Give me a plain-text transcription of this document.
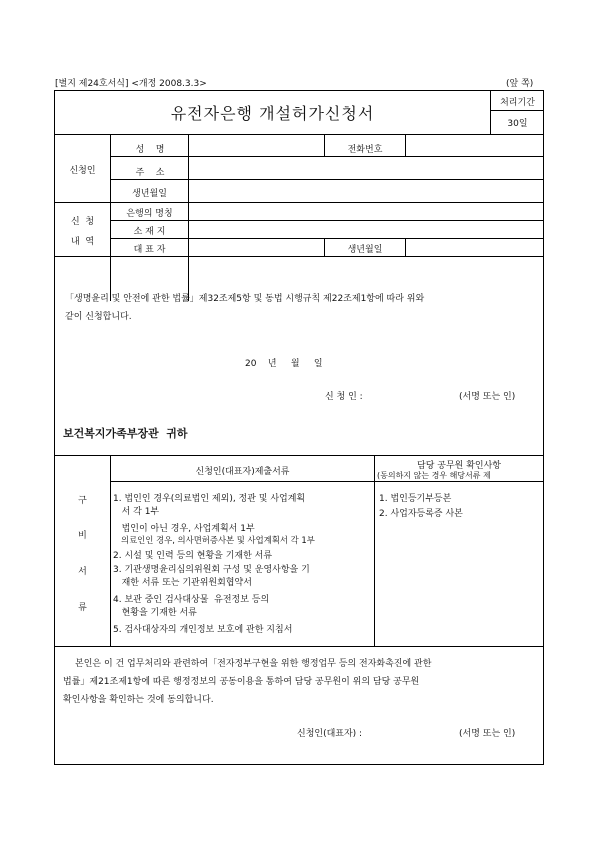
[별지 제24호서식] <개정 2008.3.3>	(앞 쪽)
유전자은행 개설허가신청서
처리기간
30일
신청인
성    명	전화번호
주    소
생년월일
신  청
내  역
은행의 명칭
소 재 지
대 표 자	생년월일
「생명윤리 및 안전에 관한 법률」제32조제5항 및 동법 시행규칙 제22조제1항에 따라 위와
같이 신청합니다.
20    년     월     일
신 청 인 :	(서명 또는 인)
보건복지가족부장관  귀하
신청인(대표자)제출서류
담당 공무원 확인사항
(동의하지 않는 경우 해당서류 제
구
비
서
류
1. 법인인 경우(의료법인 제외), 정관 및 사업계획
서 각 1부
법인이 아닌 경우, 사업계획서 1부
의료인인 경우, 의사면허증사본 및 사업계획서 각 1부
2. 시설 및 인력 등의 현황을 기재한 서류
3. 기관생명윤리심의위원회 구성 및 운영사항을 기
재한 서류 또는 기관위원회협약서
4. 보관 중인 검사대상물  유전정보 등의
현황을 기재한 서류
5. 검사대상자의 개인정보 보호에 관한 지침서
1. 법인등기부등본
2. 사업자등록증 사본
본인은 이 건 업무처리와 관련하여「전자정부구현을 위한 행정업무 등의 전자화촉진에 관한
법률」제21조제1항에 따른 행정정보의 공동이용을 통하여 담당 공무원이 위의 담당 공무원
확인사항을 확인하는 것에 동의합니다.
신청인(대표자) :	(서명 또는 인)
